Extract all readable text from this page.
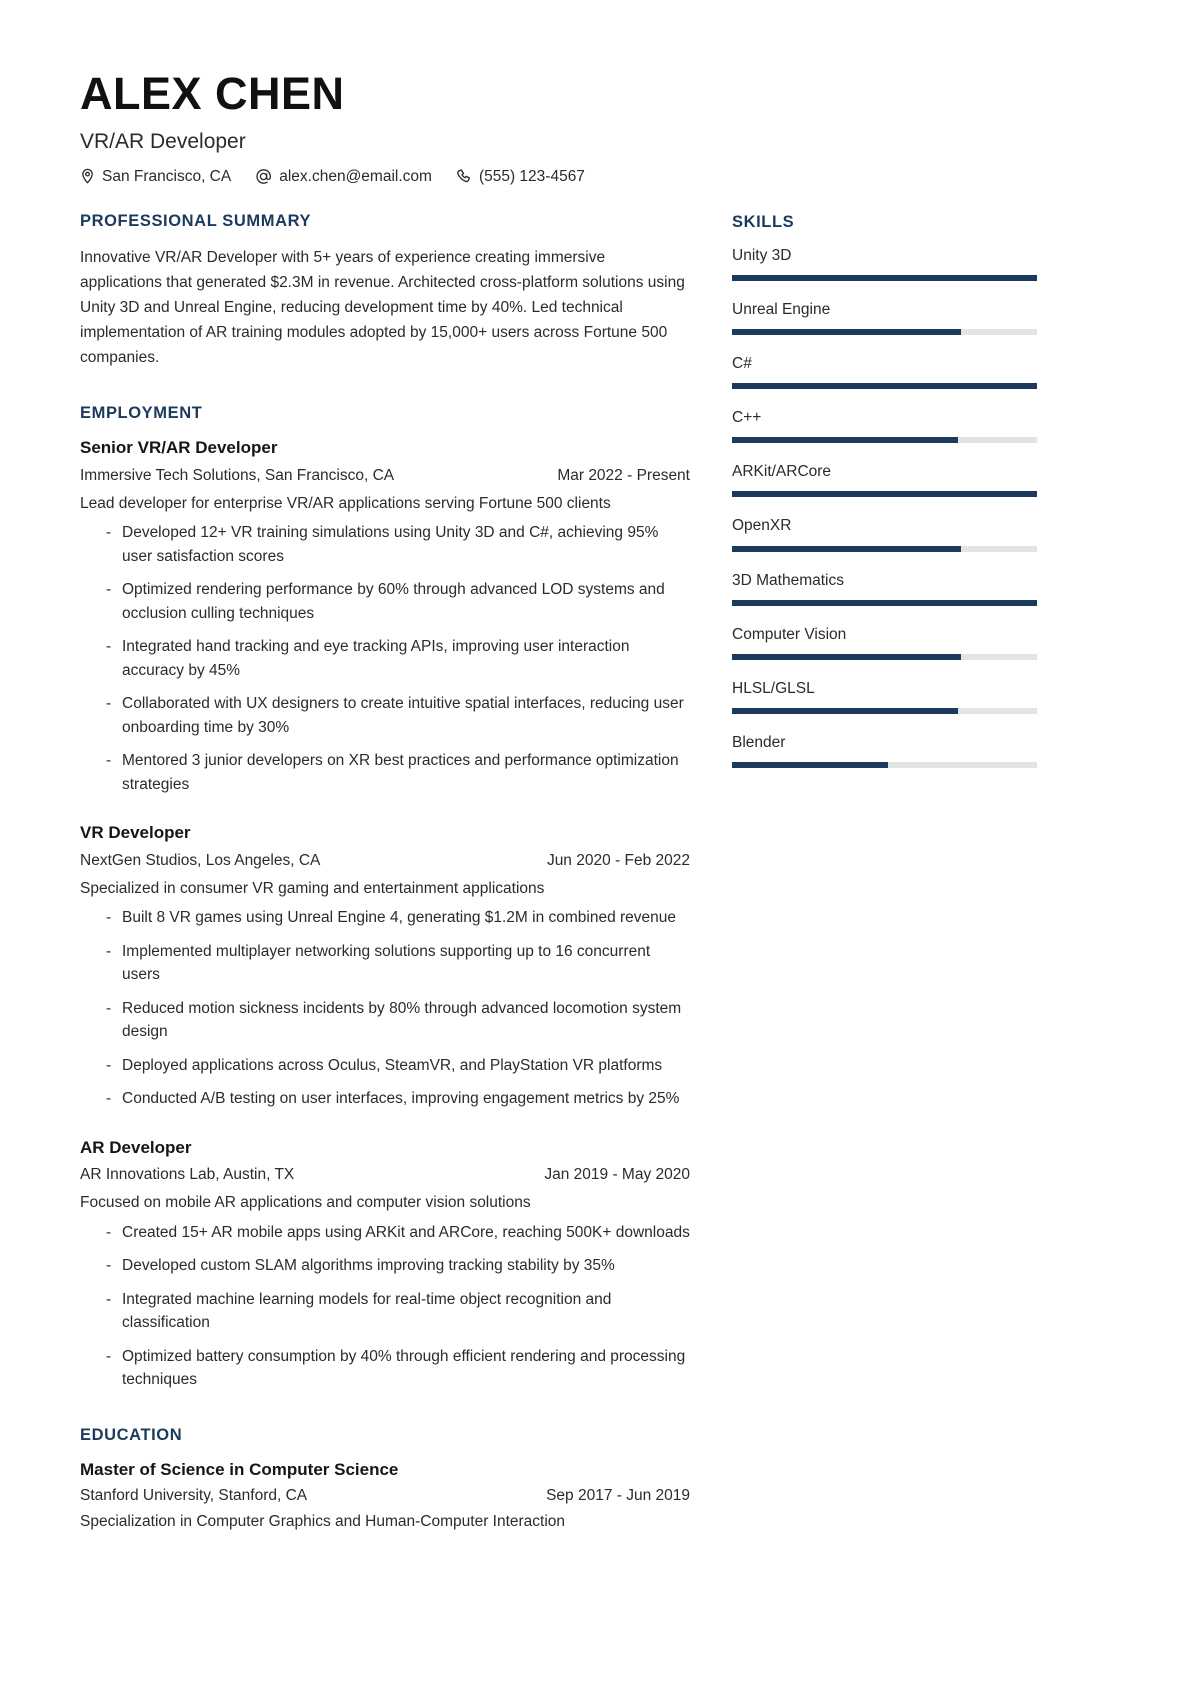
ALEX CHEN
VR/AR Developer
San Francisco, CA	alex.chen@email.com	(555) 123-4567
PROFESSIONAL SUMMARY

Innovative VR/AR Developer with 5+ years of experience creating immersive applications that generated $2.3M in revenue. Architected cross-platform solutions using Unity 3D and Unreal Engine, reducing development time by 40%. Led technical implementation of AR training modules adopted by 15,000+ users across Fortune 500 companies.

EMPLOYMENT
Senior VR/AR Developer
Immersive Tech Solutions, San Francisco, CA	Mar 2022 - Present

Lead developer for enterprise VR/AR applications serving Fortune 500 clients

- Developed 12+ VR training simulations using Unity 3D and C#, achieving 95% user satisfaction scores
- Optimized rendering performance by 60% through advanced LOD systems and occlusion culling techniques
- Integrated hand tracking and eye tracking APIs, improving user interaction accuracy by 45%
- Collaborated with UX designers to create intuitive spatial interfaces, reducing user onboarding time by 30%
- Mentored 3 junior developers on XR best practices and performance optimization strategies
VR Developer
NextGen Studios, Los Angeles, CA	Jun 2020 - Feb 2022

Specialized in consumer VR gaming and entertainment applications

- Built 8 VR games using Unreal Engine 4, generating $1.2M in combined revenue
- Implemented multiplayer networking solutions supporting up to 16 concurrent users
- Reduced motion sickness incidents by 80% through advanced locomotion system design
- Deployed applications across Oculus, SteamVR, and PlayStation VR platforms
- Conducted A/B testing on user interfaces, improving engagement metrics by 25%
AR Developer
AR Innovations Lab, Austin, TX	Jan 2019 - May 2020

Focused on mobile AR applications and computer vision solutions

- Created 15+ AR mobile apps using ARKit and ARCore, reaching 500K+ downloads
- Developed custom SLAM algorithms improving tracking stability by 35%
- Integrated machine learning models for real-time object recognition and classification
- Optimized battery consumption by 40% through efficient rendering and processing techniques
EDUCATION
Master of Science in Computer Science
Stanford University, Stanford, CA	Sep 2017 - Jun 2019

Specialization in Computer Graphics and Human-Computer Interaction

SKILLS
Unity 3D
Unreal Engine
C#
C++
ARKit/ARCore
OpenXR
3D Mathematics
Computer Vision
HLSL/GLSL
Blender
